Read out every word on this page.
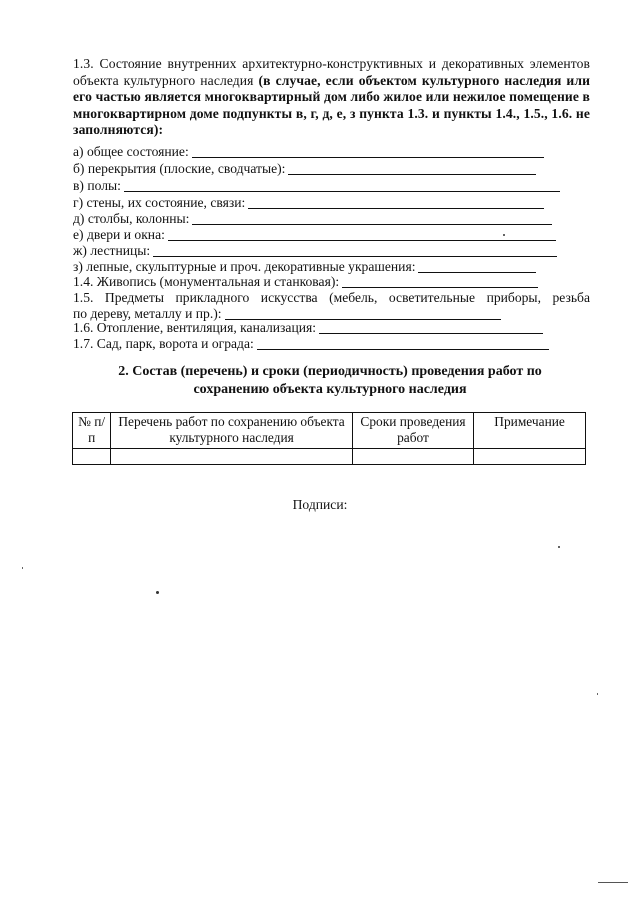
1.3. Состояние внутренних архитектурно-конструктивных и декоративных элементов объекта культурного наследия (в случае, если объектом культурного наследия или его частью является многоквартирный дом либо жилое или нежилое помещение в многоквартирном доме подпункты в, г, д, е, з пункта 1.3. и пункты 1.4., 1.5., 1.6. не заполняются):
а) общее состояние:
б) перекрытия (плоские, сводчатые):
в) полы:
г) стены, их состояние, связи:
д) столбы, колонны:
е) двери и окна:
ж) лестницы:
з) лепные, скульптурные и проч. декоративные украшения:
1.4. Живопись (монументальная и станковая):
1.5. Предметы прикладного искусства (мебель, осветительные приборы, резьба
по дереву, металлу и пр.):
1.6. Отопление, вентиляция, канализация:
1.7. Сад, парк, ворота и ограда:
2. Состав (перечень) и сроки (периодичность) проведения работ по
сохранению объекта культурного наследия
№ п/п	Перечень работ по сохранению объекта культурного наследия	Сроки проведения работ	Примечание

Подписи:
